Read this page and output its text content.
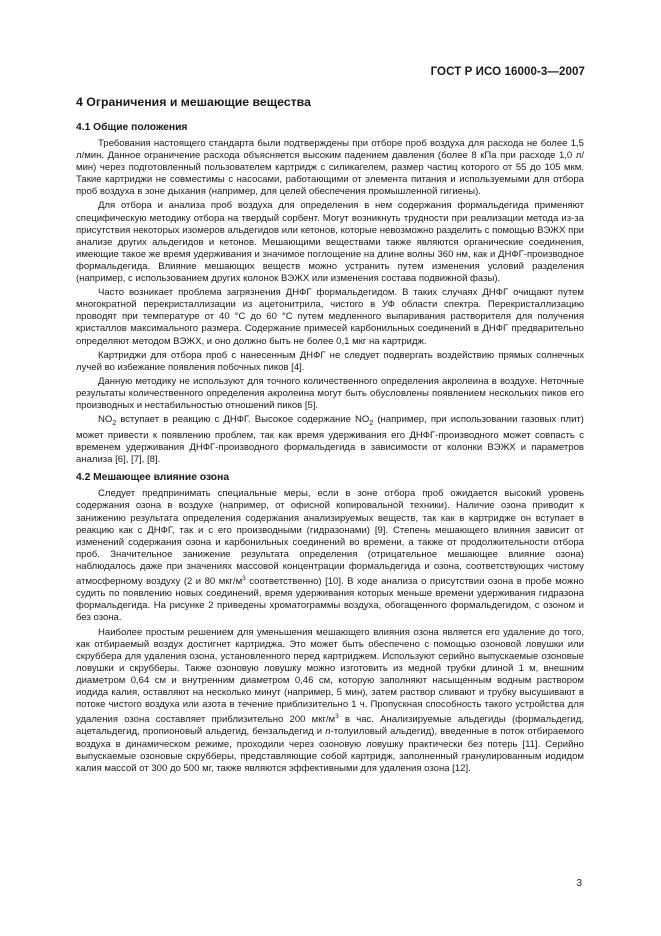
ГОСТ Р ИСО 16000-3—2007
4 Ограничения и мешающие вещества
4.1 Общие положения

Требования настоящего стандарта были подтверждены при отборе проб воздуха для расхода не более 1,5 л/мин. Данное ограничение расхода объясняется высоким падением давления (более 8 кПа при расходе 1,0 л/мин) через подготовленный пользователем картридж с силикагелем, размер частиц которого от 55 до 105 мкм. Такие картриджи не совместимы с насосами, работающими от элемента питания и используемыми для отбора проб воздуха в зоне дыхания (например, для целей обеспечения промышленной гигиены).

Для отбора и анализа проб воздуха для определения в нем содержания формальдегида применяют специфическую методику отбора на твердый сорбент. Могут возникнуть трудности при реализации метода из-за присутствия некоторых изомеров альдегидов или кетонов, которые невозможно разделить с помощью ВЭЖХ при анализе других альдегидов и кетонов. Мешающими веществами также являются органические соединения, имеющие такое же время удерживания и значимое поглощение на длине волны 360 нм, как и ДНФГ-производное формальдегида. Влияние мешающих веществ можно устранить путем изменения условий разделения (например, с использованием других колонок ВЭЖХ или изменения состава подвижной фазы).

Часто возникает проблема загрязнения ДНФГ формальдегидом. В таких случаях ДНФГ очищают путем многократной перекристаллизации из ацетонитрила, чистого в УФ области спектра. Перекристаллизацию проводят при температуре от 40 °С до 60 °С путем медленного выпаривания растворителя для получения кристаллов максимального размера. Содержание примесей карбонильных соединений в ДНФГ предварительно определяют методом ВЭЖХ, и оно должно быть не более 0,1 мкг на картридж.

Картриджи для отбора проб с нанесенным ДНФГ не следует подвергать воздействию прямых солнечных лучей во избежание появления побочных пиков [4].

Данную методику не используют для точного количественного определения акролеина в воздухе. Неточные результаты количественного определения акролеина могут быть обусловлены появлением нескольких пиков его производных и нестабильностью отношений пиков [5].

$NO_2$ вступает в реакцию с ДНФГ. Высокое содержание $NO_2$ (например, при использовании газовых плит) может привести к появлению проблем, так как время удерживания его ДНФГ-производного может совпасть с временем удерживания ДНФГ-производного формальдегида в зависимости от колонки ВЭЖХ и параметров анализа [6], [7], [8].

4.2 Мешающее влияние озона

Следует предпринимать специальные меры, если в зоне отбора проб ожидается высокий уровень содержания озона в воздухе (например, от офисной копировальной техники). Наличие озона приводит к занижению результата определения содержания анализируемых веществ, так как в картридже он вступает в реакцию как с ДНФГ, так и с его производными (гидразонами) [9]. Степень мешающего влияния зависит от изменений содержания озона и карбонильных соединений во времени, а также от продолжительности отбора проб. Значительное занижение результата определения (отрицательное мешающее влияние озона) наблюдалось даже при значениях массовой концентрации формальдегида и озона, соответствующих чистому атмосферному воздуху (2 и 80 мкг/$м^3$ соответственно) [10]. В ходе анализа о присутствии озона в пробе можно судить по появлению новых соединений, время удерживания которых меньше времени удерживания гидразона формальдегида. На рисунке 2 приведены хроматограммы воздуха, обогащенного формальдегидом, с озоном и без озона.

Наиболее простым решением для уменьшения мешающего влияния озона является его удаление до того, как отбираемый воздух достигнет картриджа. Это может быть обеспечено с помощью озоновой ловушки или скруббера для удаления озона, установленного перед картриджем. Используют серийно выпускаемые озоновые ловушки и скрубберы. Также озоновую ловушку можно изготовить из медной трубки длиной 1 м, внешним диаметром 0,64 см и внутренним диаметром 0,46 см, которую заполняют насыщенным водным раствором иодида калия, оставляют на несколько минут (например, 5 мин), затем раствор сливают и трубку высушивают в потоке чистого воздуха или азота в течение приблизительно 1 ч. Пропускная способность такого устройства для удаления озона составляет приблизительно 200 мкг/$м^3$ в час. Анализируемые альдегиды (формальдегид, ацетальдегид, пропионовый альдегид, бензальдегид и n-толуиловый альдегид), введенные в поток отбираемого воздуха в динамическом режиме, проходили через озоновую ловушку практически без потерь [11]. Серийно выпускаемые озоновые скрубберы, представляющие собой картридж, заполненный гранулированным иодидом калия массой от 300 до 500 мг, также являются эффективными для удаления озона [12].

3
